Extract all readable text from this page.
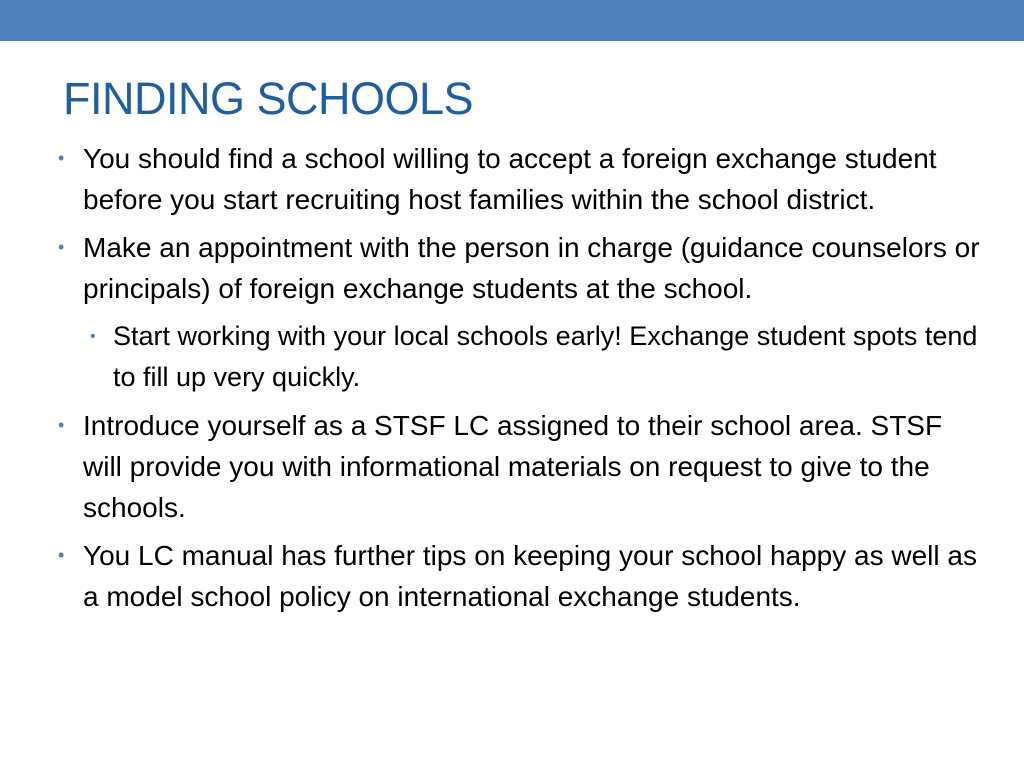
FINDING SCHOOLS
• You should find a school willing to accept a foreign exchange student before you start recruiting host families within the school district.
• Make an appointment with the person in charge (guidance counselors or principals) of foreign exchange students at the school.
• Start working with your local schools early! Exchange student spots tend to fill up very quickly.
• Introduce yourself as a STSF LC assigned to their school area. STSF will provide you with informational materials on request to give to the schools.
• You LC manual has further tips on keeping your school happy as well as a model school policy on international exchange students.
